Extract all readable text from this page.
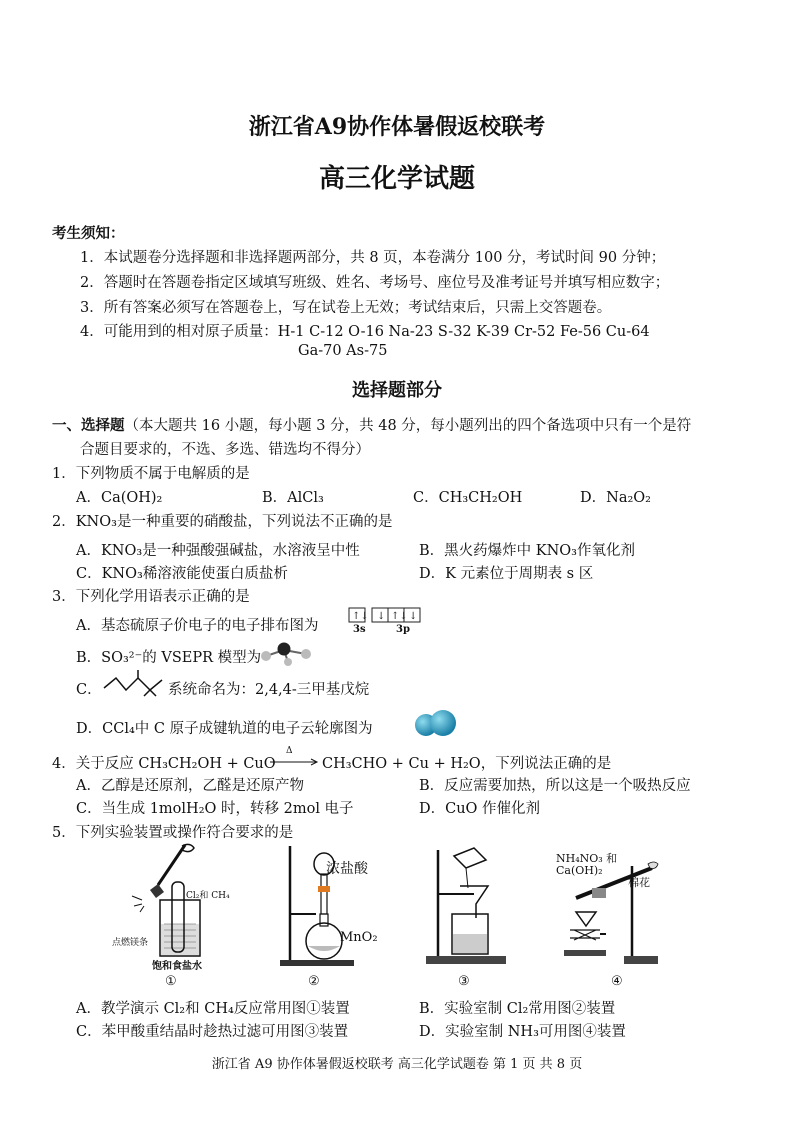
浙江省A9协作体暑假返校联考
高三化学试题
考生须知：
1．本试题卷分选择题和非选择题两部分，共 8 页，本卷满分 100 分，考试时间 90 分钟；
2．答题时在答题卷指定区域填写班级、姓名、考场号、座位号及准考证号并填写相应数字；
3．所有答案必须写在答题卷上，写在试卷上无效；考试结束后，只需上交答题卷。
4．可能用到的相对原子质量：H-1 C-12 O-16 Na-23 S-32 K-39 Cr-52 Fe-56 Cu-64
Ga-70 As-75
选择题部分
一、选择题（本大题共 16 小题，每小题 3 分，共 48 分，每小题列出的四个备选项中只有一个是符
合题目要求的，不选、多选、错选均不得分）
1．下列物质不属于电解质的是
A．Ca(OH)₂	B．AlCl₃	C．CH₃CH₂OH	D．Na₂O₂
2．KNO₃是一种重要的硝酸盐，下列说法不正确的是
A．KNO₃是一种强酸强碱盐，水溶液呈中性	B．黑火药爆炸中 KNO₃作氧化剂
C．KNO₃稀溶液能使蛋白质盐析	D．K 元素位于周期表 s 区
3．下列化学用语表示正确的是
A．基态硫原子价电子的电子排布图为
↑↓ ↓ ↑↓ ↓
3s	3p
B．SO₃²⁻的 VSEPR 模型为
C．	系统命名为：2,4,4-三甲基戊烷
D．CCl₄中 C 原子成键轨道的电子云轮廓图为
4．关于反应 CH₃CH₂OH + CuO
Δ
CH₃CHO + Cu + H₂O，下列说法正确的是
A．乙醇是还原剂，乙醛是还原产物	B．反应需要加热，所以这是一个吸热反应
C．当生成 1molH₂O 时，转移 2mol 电子	D．CuO 作催化剂
5．下列实验装置或操作符合要求的是
Cl₂和 CH₄
点燃镁条
饱和食盐水
浓盐酸
MnO₂
NH₄NO₃ 和
Ca(OH)₂
棉花
①	②	③	④
A．教学演示 Cl₂和 CH₄反应常用图①装置	B．实验室制 Cl₂常用图②装置
C．苯甲酸重结晶时趁热过滤可用图③装置	D．实验室制 NH₃可用图④装置
浙江省 A9 协作体暑假返校联考 高三化学试题卷 第 1 页 共 8 页
